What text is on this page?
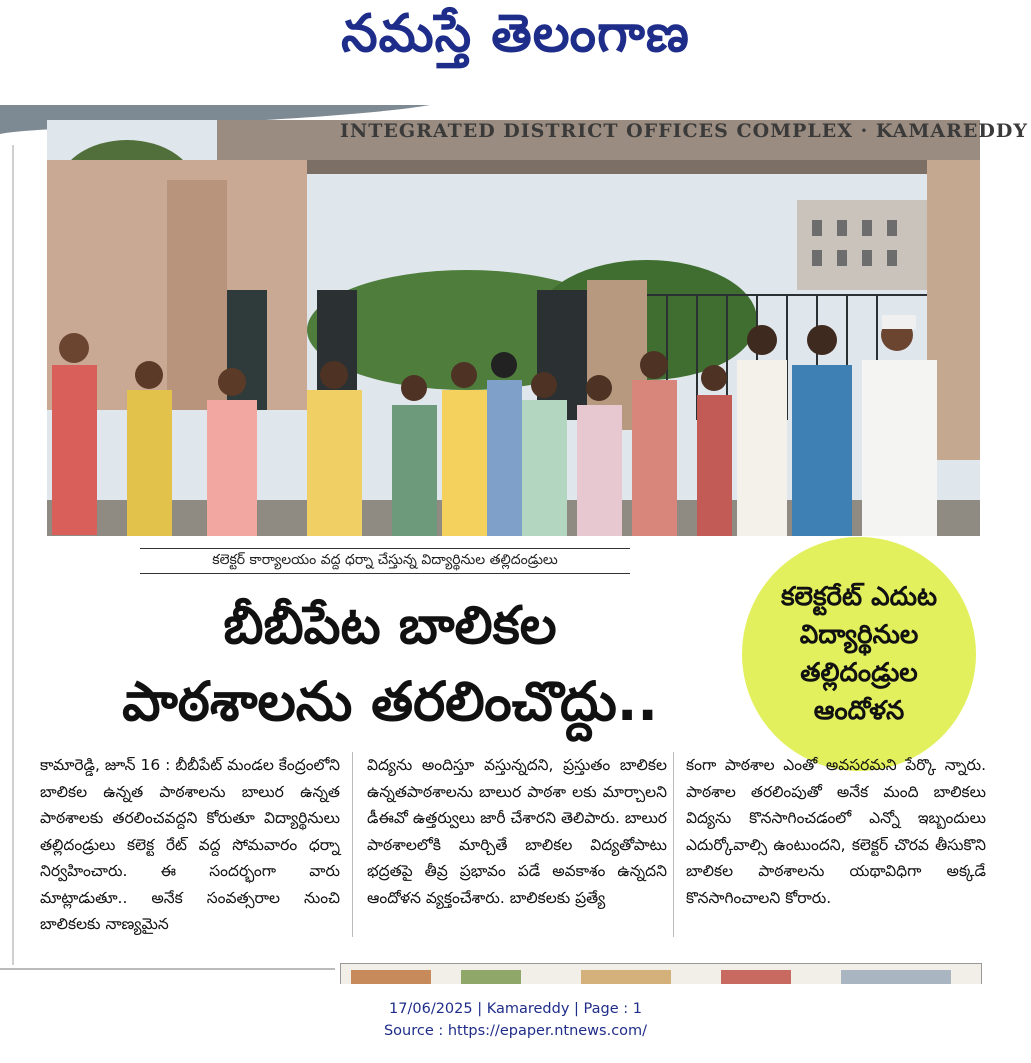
నమస్తే తెలంగాణ
INTEGRATED DISTRICT OFFICES COMPLEX · KAMAREDDY
కలెక్టర్ కార్యాలయం వద్ద ధర్నా చేస్తున్న విద్యార్థినుల తల్లిదండ్రులు
కలెక్టరేట్ ఎదుట
విద్యార్థినుల
తల్లిదండ్రుల
ఆందోళన
బీబీపేట బాలికల
పాఠశాలను తరలించొద్దు..
కామారెడ్డి, జూన్ 16 : బీబీపేట్ మండల కేంద్రంలోని బాలికల ఉన్నత పాఠశాలను బాలుర ఉన్నత పాఠశాలకు తరలించవద్దని కోరుతూ విద్యార్థినులు తల్లిదండ్రులు కలెక్ట రేట్ వద్ద సోమవారం ధర్నా నిర్వహించారు. ఈ సందర్భంగా వారు మాట్లాడుతూ.. అనేక సంవత్సరాల నుంచి బాలికలకు నాణ్యమైన
విద్యను అందిస్తూ వస్తున్నదని, ప్రస్తుతం బాలికల ఉన్నతపాఠశాలను బాలుర పాఠశా లకు మార్చాలని డీఈవో ఉత్తర్వులు జారీ చేశారని తెలిపారు. బాలుర పాఠశాలలోకి మార్చితే బాలికల విద్యతోపాటు భద్రతపై తీవ్ర ప్రభావం పడే అవకాశం ఉన్నదని ఆందోళన వ్యక్తంచేశారు. బాలికలకు ప్రత్యే
కంగా పాఠశాల ఎంతో అవసరమని పేర్కొ న్నారు. పాఠశాల తరలింపుతో అనేక మంది బాలికలు విద్యను కొనసాగించడంలో ఎన్నో ఇబ్బందులు ఎదుర్కోవాల్సి ఉంటుందని, కలెక్టర్ చొరవ తీసుకొని బాలికల పాఠశాలను యథావిధిగా అక్కడే కొనసాగించాలని కోరారు.
17/06/2025 | Kamareddy | Page : 1
Source : https://epaper.ntnews.com/
